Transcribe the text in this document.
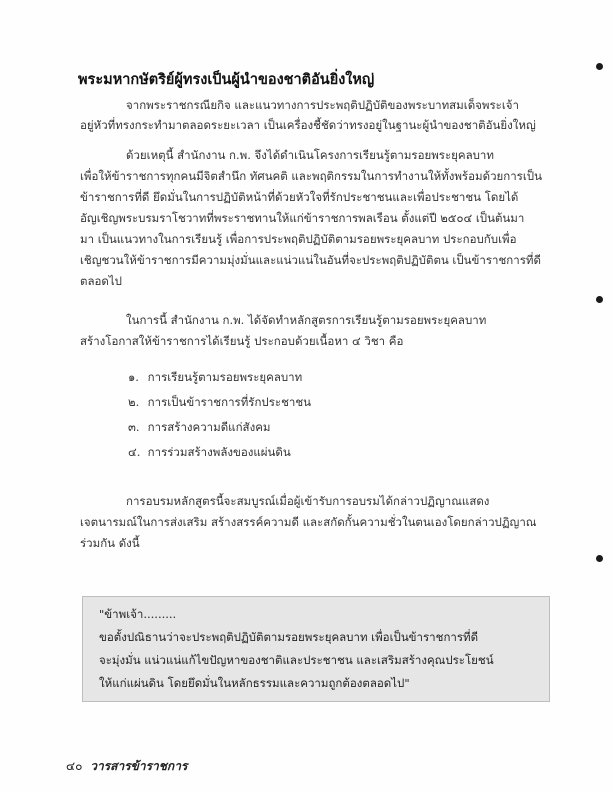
พระมหากษัตริย์ผู้ทรงเป็นผู้นำของชาติอันยิ่งใหญ่
จากพระราชกรณียกิจ และแนวทางการประพฤติปฏิบัติของพระบาทสมเด็จพระเจ้า
อยู่หัวที่ทรงกระทำมาตลอดระยะเวลา เป็นเครื่องชี้ชัดว่าทรงอยู่ในฐานะผู้นำของชาติอันยิ่งใหญ่
ด้วยเหตุนี้ สำนักงาน ก.พ. จึงได้ดำเนินโครงการเรียนรู้ตามรอยพระยุคลบาท
เพื่อให้ข้าราชการทุกคนมีจิตสำนึก ทัศนคติ และพฤติกรรมในการทำงานให้ทั้งพร้อมด้วยการเป็น
ข้าราชการที่ดี ยึดมั่นในการปฏิบัติหน้าที่ด้วยหัวใจที่รักประชาชนและเพื่อประชาชน โดยได้
อัญเชิญพระบรมราโชวาทที่พระราชทานให้แก่ข้าราชการพลเรือน ตั้งแต่ปี ๒๕๐๔ เป็นต้นมา
มา เป็นแนวทางในการเรียนรู้ เพื่อการประพฤติปฏิบัติตามรอยพระยุคลบาท ประกอบกับเพื่อ
เชิญชวนให้ข้าราชการมีความมุ่งมั่นและแน่วแน่ในอันที่จะประพฤติปฏิบัติตน เป็นข้าราชการที่ดี
ตลอดไป
ในการนี้ สำนักงาน ก.พ. ได้จัดทำหลักสูตรการเรียนรู้ตามรอยพระยุคลบาท
สร้างโอกาสให้ข้าราชการได้เรียนรู้ ประกอบด้วยเนื้อหา ๔ วิชา คือ
๑. การเรียนรู้ตามรอยพระยุคลบาท
๒. การเป็นข้าราชการที่รักประชาชน
๓. การสร้างความดีแก่สังคม
๔. การร่วมสร้างพลังของแผ่นดิน
การอบรมหลักสูตรนี้จะสมบูรณ์เมื่อผู้เข้ารับการอบรมได้กล่าวปฏิญาณแสดง
เจตนารมณ์ในการส่งเสริม สร้างสรรค์ความดี และสกัดกั้นความชั่วในตนเองโดยกล่าวปฏิญาณ
ร่วมกัน ดังนี้
"ข้าพเจ้า.........
ขอตั้งปณิธานว่าจะประพฤติปฏิบัติตามรอยพระยุคลบาท เพื่อเป็นข้าราชการที่ดี
จะมุ่งมั่น แน่วแน่แก้ไขปัญหาของชาติและประชาชน และเสริมสร้างคุณประโยชน์
ให้แก่แผ่นดิน โดยยึดมั่นในหลักธรรมและความถูกต้องตลอดไป"
๔๐ วารสารข้าราชการ
